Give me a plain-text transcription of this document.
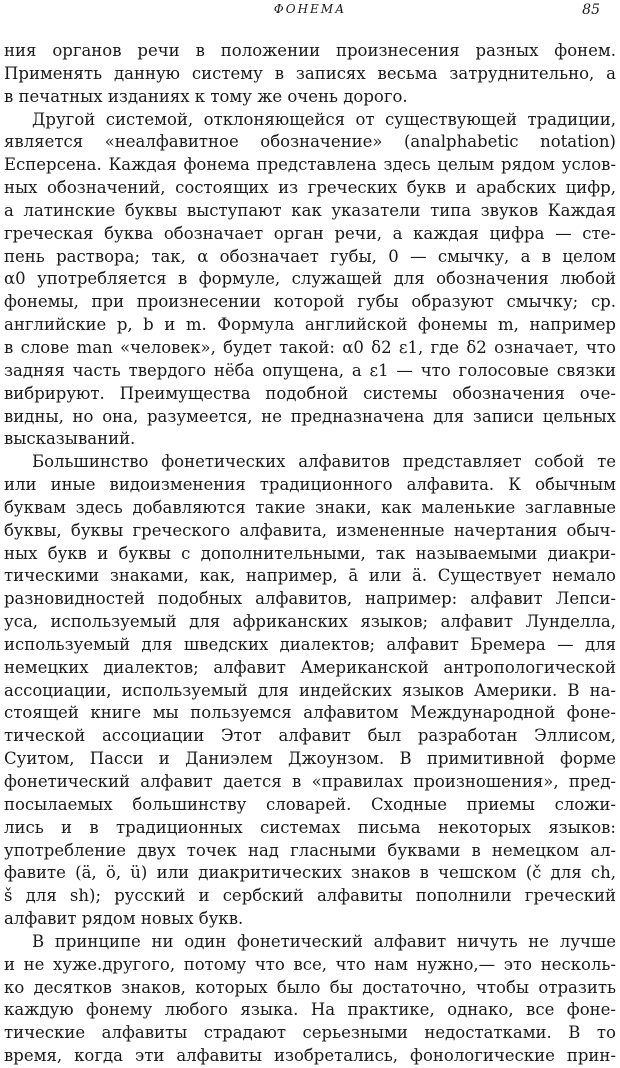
ФОНЕМА	85
ния органов речи в положении произнесения разных фонем.
Применять данную систему в записях весьма затруднительно, а
в печатных изданиях к тому же очень дорого.
Другой системой, отклоняющейся от существующей традиции,
является «неалфавитное обозначение» (analphabetic notation)
Есперсена. Каждая фонема представлена здесь целым рядом услов-
ных обозначений, состоящих из греческих букв и арабских цифр,
а латинские буквы выступают как указатели типа звуков Каждая
греческая буква обозначает орган речи, а каждая цифра — сте-
пень раствора; так, α обозначает губы, 0 — смычку, а в целом
α0 употребляется в формуле, служащей для обозначения любой
фонемы, при произнесении которой губы образуют смычку; ср.
английские p, b и m. Формула английской фонемы m, например
в слове man «человек», будет такой: α0 δ2 ε1, где δ2 означает, что
задняя часть твердого нёба опущена, а ε1 — что голосовые связки
вибрируют. Преимущества подобной системы обозначения оче-
видны, но она, разумеется, не предназначена для записи цельных
высказываний.
Большинство фонетических алфавитов представляет собой те
или иные видоизменения традиционного алфавита. К обычным
буквам здесь добавляются такие знаки, как маленькие заглавные
буквы, буквы греческого алфавита, измененные начертания обыч-
ных букв и буквы с дополнительными, так называемыми диакри-
тическими знаками, как, например, ā или ä. Существует немало
разновидностей подобных алфавитов, например: алфавит Лепси-
уса, используемый для африканских языков; алфавит Лунделла,
используемый для шведских диалектов; алфавит Бремера — для
немецких диалектов; алфавит Американской антропологической
ассоциации, используемый для индейских языков Америки. В на-
стоящей книге мы пользуемся алфавитом Международной фоне-
тической ассоциации Этот алфавит был разработан Эллисом,
Суитом, Пасси и Даниэлем Джоунзом. В примитивной форме
фонетический алфавит дается в «правилах произношения», пред-
посылаемых большинству словарей. Сходные приемы сложи-
лись и в традиционных системах письма некоторых языков:
употребление двух точек над гласными буквами в немецком ал-
фавите (ä, ö, ü) или диакритических знаков в чешском (č для ch,
š для sh); русский и сербский алфавиты пополнили греческий
алфавит рядом новых букв.
В принципе ни один фонетический алфавит ничуть не лучше
и не хуже.другого, потому что все, что нам нужно,— это несколь-
ко десятков знаков, которых было бы достаточно, чтобы отразить
каждую фонему любого языка. На практике, однако, все фоне-
тические алфавиты страдают серьезными недостатками. В то
время, когда эти алфавиты изобретались, фонологические прин-
